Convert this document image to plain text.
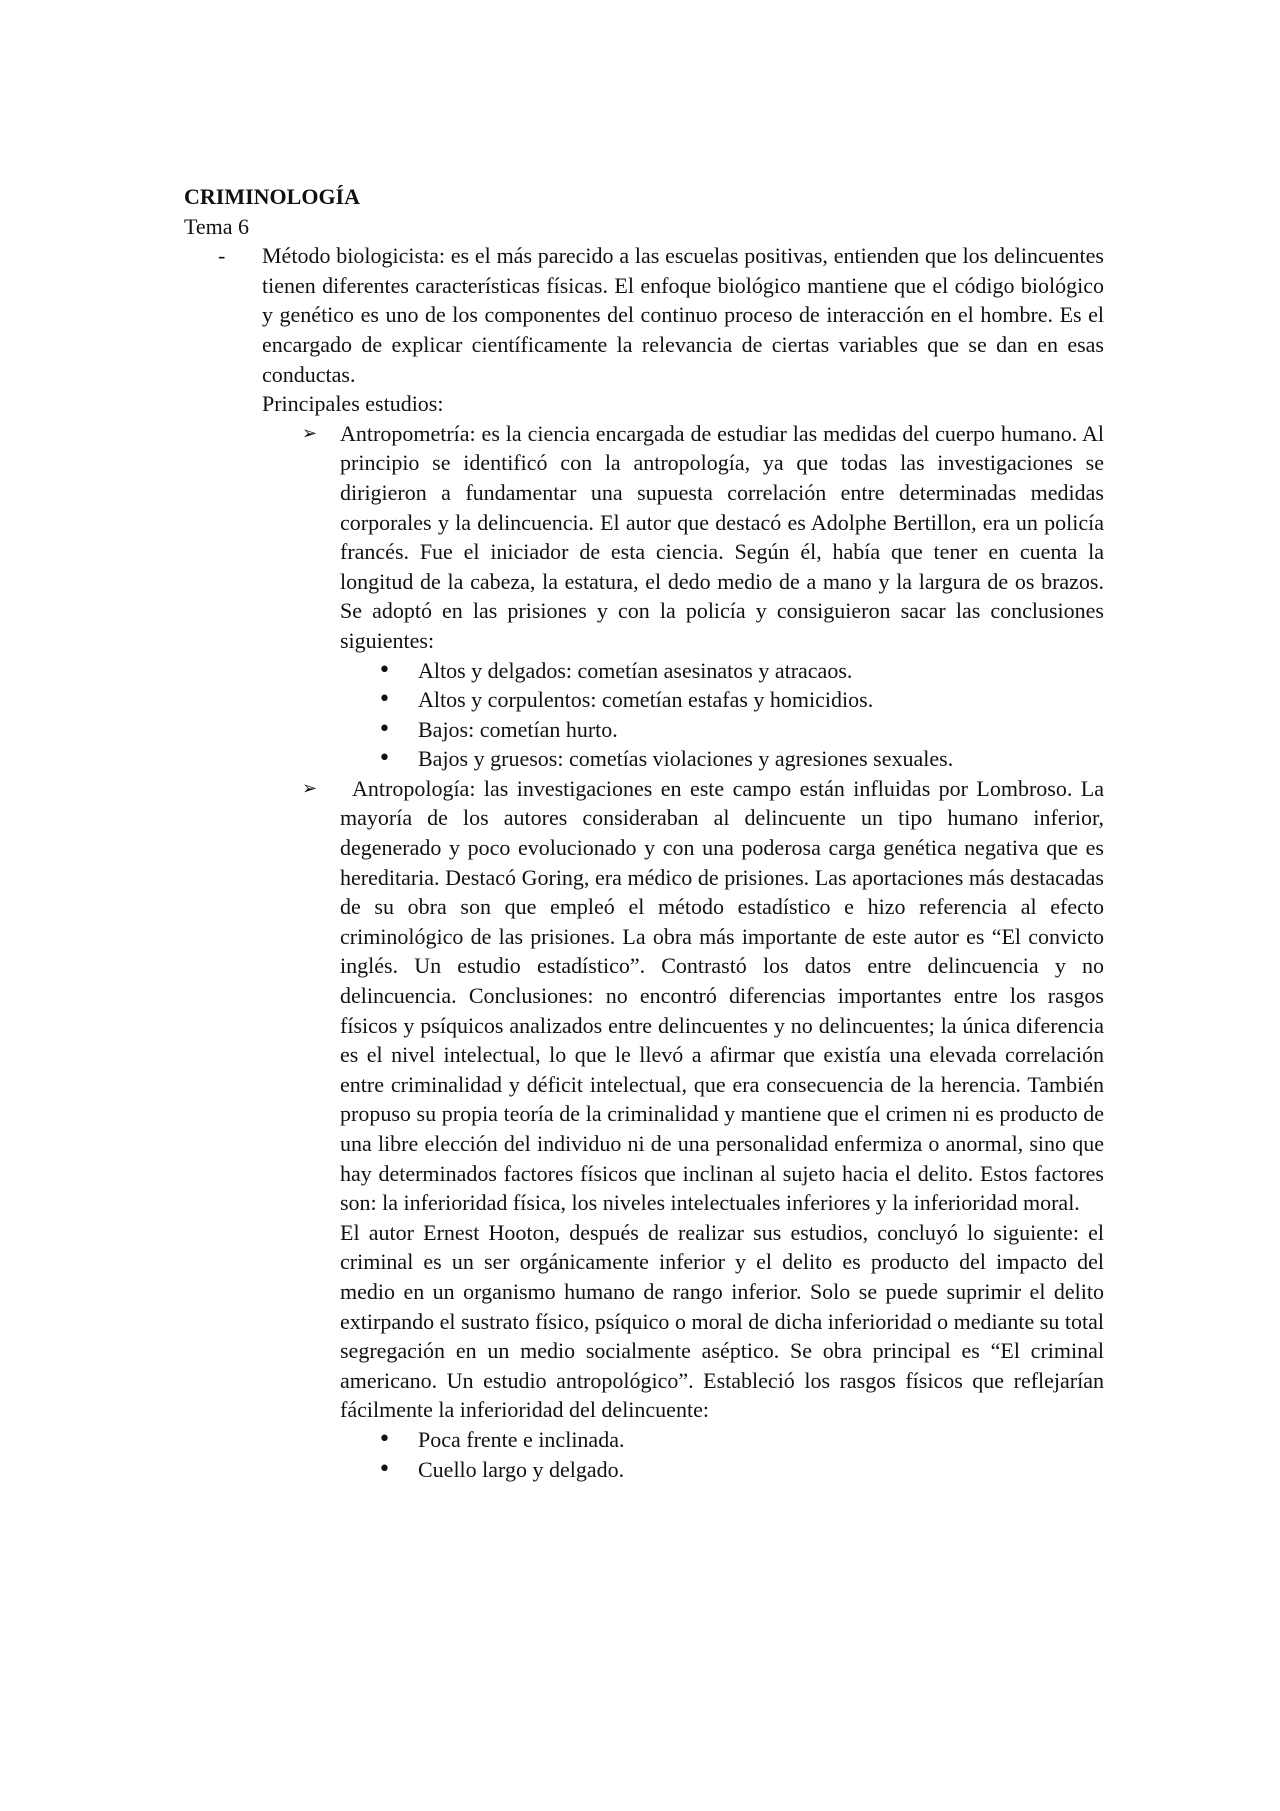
CRIMINOLOGÍA
Tema 6
- Método biologicista: es el más parecido a las escuelas positivas, entienden que los delincuentes tienen diferentes características físicas. El enfoque biológico mantiene que el código biológico y genético es uno de los componentes del continuo proceso de interacción en el hombre. Es el encargado de explicar científicamente la relevancia de ciertas variables que se dan en esas conductas.

Principales estudios:
➢ Antropometría: es la ciencia encargada de estudiar las medidas del cuerpo humano. Al principio se identificó con la antropología, ya que todas las investigaciones se dirigieron a fundamentar una supuesta correlación entre determinadas medidas corporales y la delincuencia. El autor que destacó es Adolphe Bertillon, era un policía francés. Fue el iniciador de esta ciencia. Según él, había que tener en cuenta la longitud de la cabeza, la estatura, el dedo medio de a mano y la largura de os brazos. Se adoptó en las prisiones y con la policía y consiguieron sacar las conclusiones siguientes:

• Altos y delgados: cometían asesinatos y atracaos.
• Altos y corpulentos: cometían estafas y homicidios.
• Bajos: cometían hurto.
• Bajos y gruesos: cometías violaciones y agresiones sexuales.
➢	Antropología: las investigaciones en este campo están influidas por Lombroso. La mayoría de los autores consideraban al delincuente un tipo humano inferior, degenerado y poco evolucionado y con una poderosa carga genética negativa que es hereditaria. Destacó Goring, era médico de prisiones. Las aportaciones más destacadas de su obra son que empleó el método estadístico e hizo referencia al efecto criminológico de las prisiones. La obra más importante de este autor es “El convicto inglés. Un estudio estadístico”. Contrastó los datos entre delincuencia y no delincuencia. Conclusiones: no encontró diferencias importantes entre los rasgos físicos y psíquicos analizados entre delincuentes y no delincuentes; la única diferencia es el nivel intelectual, lo que le llevó a afirmar que existía una elevada correlación entre criminalidad y déficit intelectual, que era consecuencia de la herencia. También propuso su propia teoría de la criminalidad y mantiene que el crimen ni es producto de una libre elección del individuo ni de una personalidad enfermiza o anormal, sino que hay determinados factores físicos que inclinan al sujeto hacia el delito. Estos factores son: la inferioridad física, los niveles intelectuales inferiores y la inferioridad moral.

El autor Ernest Hooton, después de realizar sus estudios, concluyó lo siguiente: el criminal es un ser orgánicamente inferior y el delito es producto del impacto del medio en un organismo humano de rango inferior. Solo se puede suprimir el delito extirpando el sustrato físico, psíquico o moral de dicha inferioridad o mediante su total segregación en un medio socialmente aséptico. Se obra principal es “El criminal americano. Un estudio antropológico”. Estableció los rasgos físicos que reflejarían fácilmente la inferioridad del delincuente:

• Poca frente e inclinada.
• Cuello largo y delgado.
